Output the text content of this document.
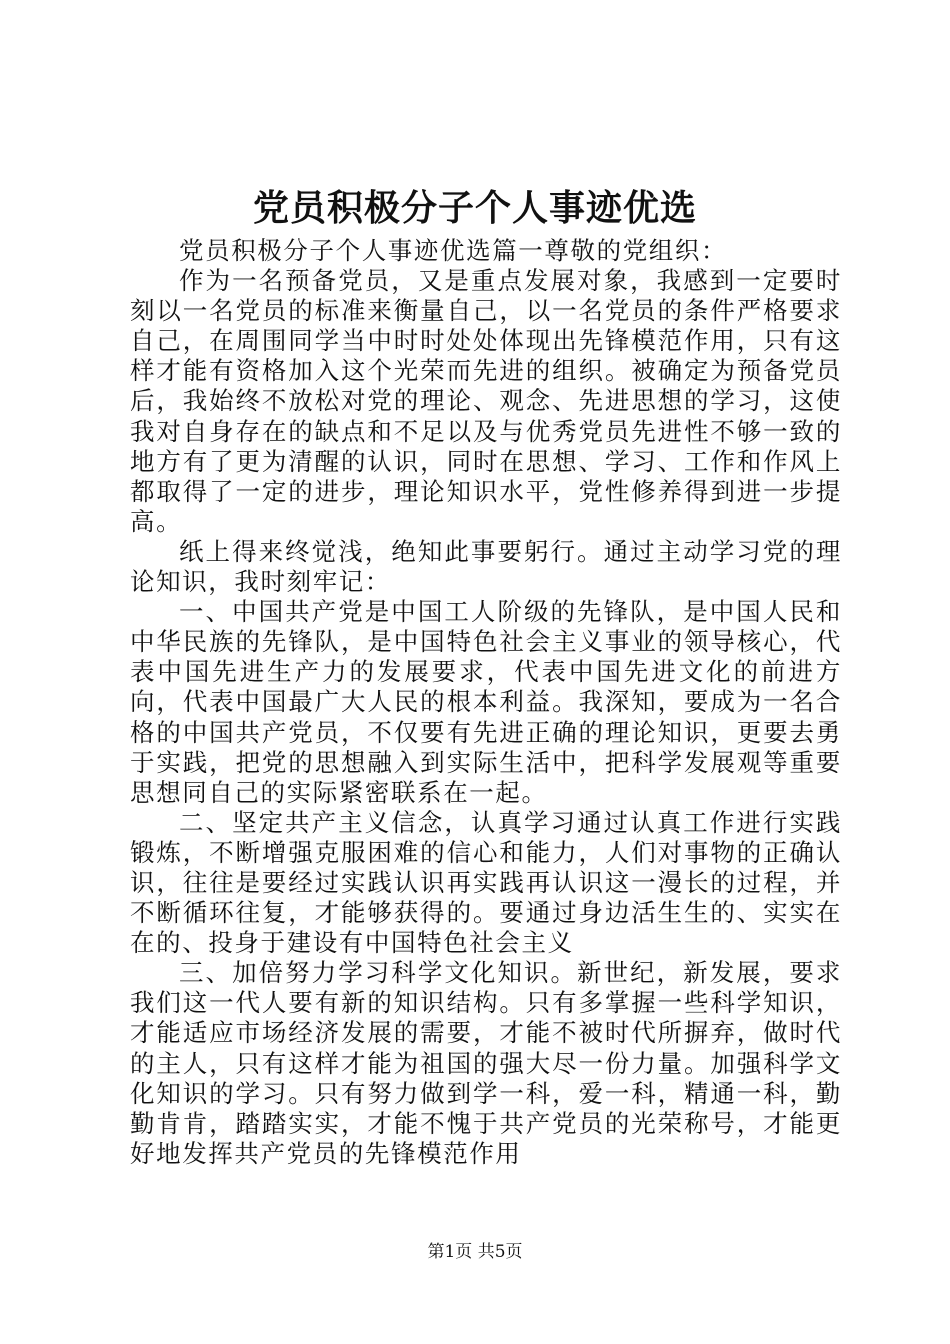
党员积极分子个人事迹优选

党员积极分子个人事迹优选篇一尊敬的党组织：

作为一名预备党员，又是重点发展对象，我感到一定要时刻以一名党员的标准来衡量自己，以一名党员的条件严格要求自己，在周围同学当中时时处处体现出先锋模范作用，只有这样才能有资格加入这个光荣而先进的组织。被确定为预备党员后，我始终不放松对党的理论、观念、先进思想的学习，这使我对自身存在的缺点和不足以及与优秀党员先进性不够一致的地方有了更为清醒的认识，同时在思想、学习、工作和作风上都取得了一定的进步，理论知识水平，党性修养得到进一步提高。

纸上得来终觉浅，绝知此事要躬行。通过主动学习党的理论知识，我时刻牢记：

一、中国共产党是中国工人阶级的先锋队，是中国人民和中华民族的先锋队，是中国特色社会主义事业的领导核心，代表中国先进生产力的发展要求，代表中国先进文化的前进方向，代表中国最广大人民的根本利益。我深知，要成为一名合格的中国共产党员，不仅要有先进正确的理论知识，更要去勇于实践，把党的思想融入到实际生活中，把科学发展观等重要思想同自己的实际紧密联系在一起。

二、坚定共产主义信念，认真学习通过认真工作进行实践锻炼，不断增强克服困难的信心和能力，人们对事物的正确认识，往往是要经过实践认识再实践再认识这一漫长的过程，并不断循环往复，才能够获得的。要通过身边活生生的、实实在在的、投身于建设有中国特色社会主义

三、加倍努力学习科学文化知识。新世纪，新发展，要求我们这一代人要有新的知识结构。只有多掌握一些科学知识，才能适应市场经济发展的需要，才能不被时代所摒弃，做时代的主人，只有这样才能为祖国的强大尽一份力量。加强科学文化知识的学习。只有努力做到学一科，爱一科，精通一科，勤勤肯肯，踏踏实实，才能不愧于共产党员的光荣称号，才能更好地发挥共产党员的先锋模范作用

第1页 共5页
